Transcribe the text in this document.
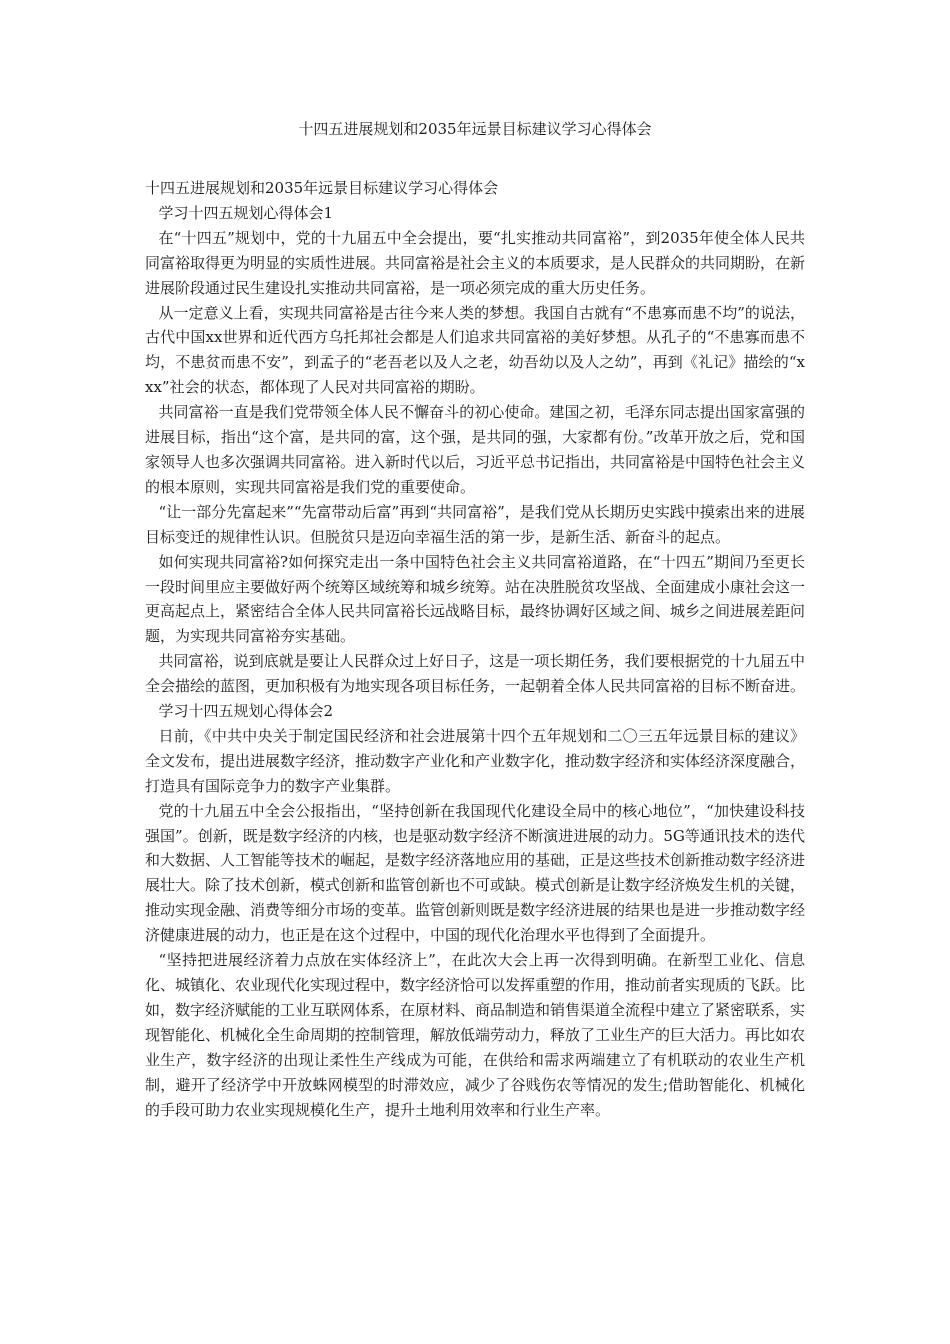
十四五进展规划和2035年远景目标建议学习心得体会

十四五进展规划和2035年远景目标建议学习心得体会

学习十四五规划心得体会1

在“十四五”规划中，党的十九届五中全会提出，要“扎实推动共同富裕”，到2035年使全体人民共同富裕取得更为明显的实质性进展。共同富裕是社会主义的本质要求，是人民群众的共同期盼，在新进展阶段通过民生建设扎实推动共同富裕，是一项必须完成的重大历史任务。

从一定意义上看，实现共同富裕是古往今来人类的梦想。我国自古就有“不患寡而患不均”的说法，古代中国xx世界和近代西方乌托邦社会都是人们追求共同富裕的美好梦想。从孔子的“不患寡而患不均，不患贫而患不安”，到孟子的“老吾老以及人之老，幼吾幼以及人之幼”，再到《礼记》描绘的“xxx”社会的状态，都体现了人民对共同富裕的期盼。

共同富裕一直是我们党带领全体人民不懈奋斗的初心使命。建国之初，毛泽东同志提出国家富强的进展目标，指出“这个富，是共同的富，这个强，是共同的强，大家都有份。”改革开放之后，党和国家领导人也多次强调共同富裕。进入新时代以后，习近平总书记指出，共同富裕是中国特色社会主义的根本原则，实现共同富裕是我们党的重要使命。

“让一部分先富起来”“先富带动后富”再到“共同富裕”，是我们党从长期历史实践中摸索出来的进展目标变迁的规律性认识。但脱贫只是迈向幸福生活的第一步，是新生活、新奋斗的起点。

如何实现共同富裕?如何探究走出一条中国特色社会主义共同富裕道路，在“十四五”期间乃至更长一段时间里应主要做好两个统筹区域统筹和城乡统筹。站在决胜脱贫攻坚战、全面建成小康社会这一更高起点上，紧密结合全体人民共同富裕长远战略目标，最终协调好区域之间、城乡之间进展差距问题，为实现共同富裕夯实基础。

共同富裕，说到底就是要让人民群众过上好日子，这是一项长期任务，我们要根据党的十九届五中全会描绘的蓝图，更加积极有为地实现各项目标任务，一起朝着全体人民共同富裕的目标不断奋进。

学习十四五规划心得体会2

日前，《中共中央关于制定国民经济和社会进展第十四个五年规划和二〇三五年远景目标的建议》全文发布，提出进展数字经济，推动数字产业化和产业数字化，推动数字经济和实体经济深度融合，打造具有国际竞争力的数字产业集群。

党的十九届五中全会公报指出，“坚持创新在我国现代化建设全局中的核心地位”，“加快建设科技强国”。创新，既是数字经济的内核，也是驱动数字经济不断演进进展的动力。5G等通讯技术的迭代和大数据、人工智能等技术的崛起，是数字经济落地应用的基础，正是这些技术创新推动数字经济进展壮大。除了技术创新，模式创新和监管创新也不可或缺。模式创新是让数字经济焕发生机的关键，推动实现金融、消费等细分市场的变革。监管创新则既是数字经济进展的结果也是进一步推动数字经济健康进展的动力，也正是在这个过程中，中国的现代化治理水平也得到了全面提升。

“坚持把进展经济着力点放在实体经济上”，在此次大会上再一次得到明确。在新型工业化、信息化、城镇化、农业现代化实现过程中，数字经济恰可以发挥重塑的作用，推动前者实现质的飞跃。比如，数字经济赋能的工业互联网体系，在原材料、商品制造和销售渠道全流程中建立了紧密联系，实现智能化、机械化全生命周期的控制管理，解放低端劳动力，释放了工业生产的巨大活力。再比如农业生产，数字经济的出现让柔性生产线成为可能，在供给和需求两端建立了有机联动的农业生产机制，避开了经济学中开放蛛网模型的时滞效应，减少了谷贱伤农等情况的发生;借助智能化、机械化的手段可助力农业实现规模化生产，提升土地利用效率和行业生产率。
